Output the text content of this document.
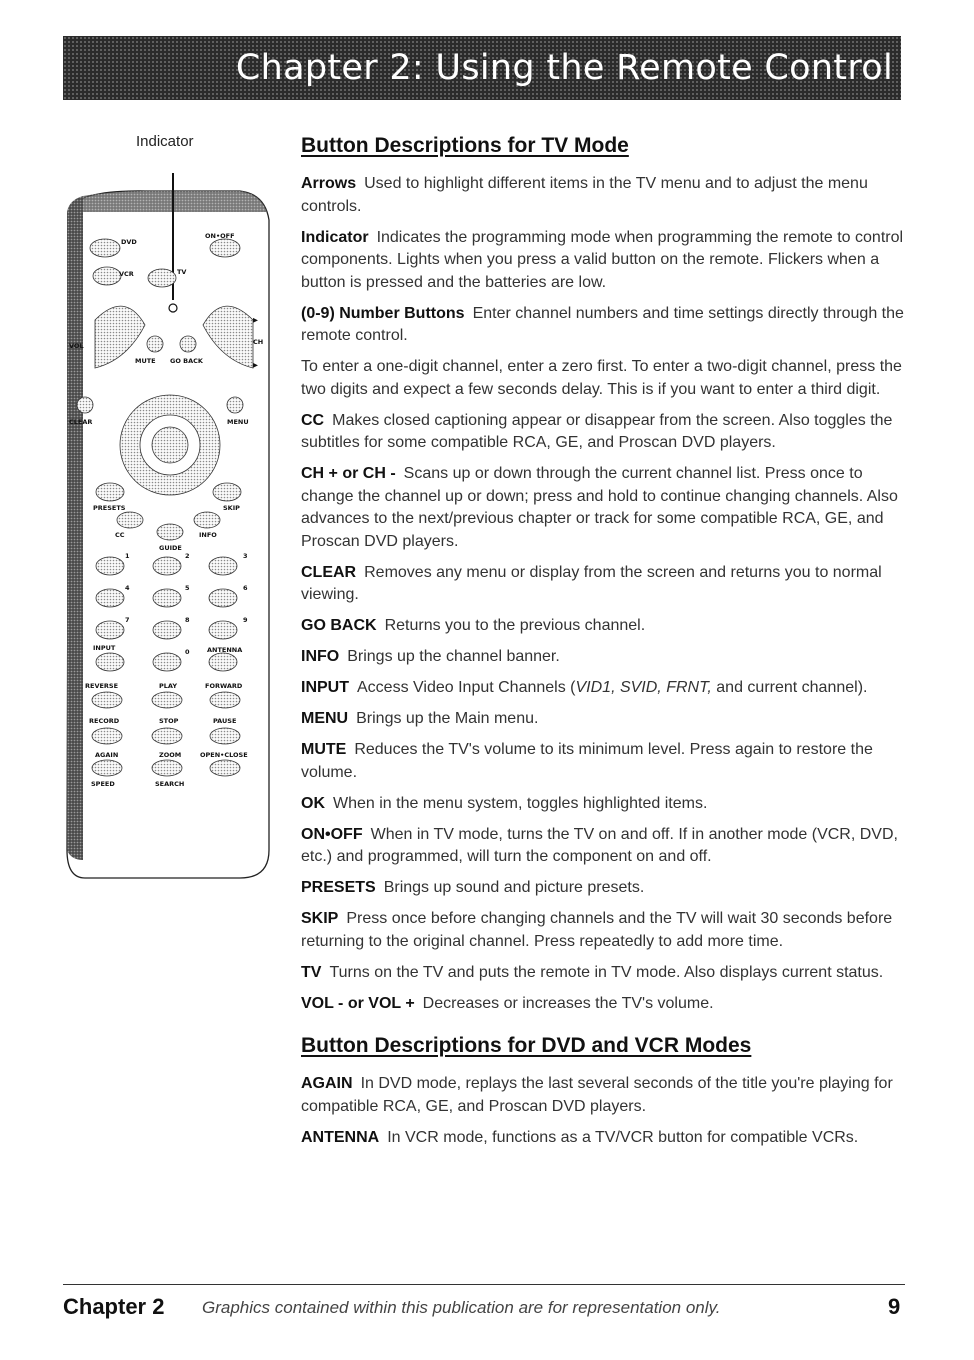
Chapter 2: Using the Remote Control
Indicator
DVD
ON•OFF
VCR	TV
VOL	CH
▶
▶
MUTE GO BACK
CLEAR	MENU
PRESETS	SKIP
CC
GUIDE
INFO
1	2	3
4	5	6
7	8	9
INPUT	0	ANTENNA
REVERSE	PLAY	FORWARD
RECORD	STOP	PAUSE
AGAIN	ZOOM	OPEN•CLOSE
SPEED	SEARCH
Button Descriptions for TV Mode

Arrows Used to highlight different items in the TV menu and to adjust the menu controls.

Indicator Indicates the programming mode when programming the remote to control components. Lights when you press a valid button on the remote. Flickers when a button is pressed and the batteries are low.

(0-9) Number Buttons Enter channel numbers and time settings directly through the remote control.

To enter a one-digit channel, enter a zero first. To enter a two-digit channel, press the two digits and expect a few seconds delay. This is if you want to enter a third digit.

CC Makes closed captioning appear or disappear from the screen. Also toggles the subtitles for some compatible RCA, GE, and Proscan DVD players.

CH + or CH - Scans up or down through the current channel list. Press once to change the channel up or down; press and hold to continue changing channels. Also advances to the next/previous chapter or track for some compatible RCA, GE, and Proscan DVD players.

CLEAR Removes any menu or display from the screen and returns you to normal viewing.

GO BACK Returns you to the previous channel.

INFO Brings up the channel banner.

INPUT Access Video Input Channels (VID1, SVID, FRNT, and current channel).

MENU Brings up the Main menu.

MUTE Reduces the TV's volume to its minimum level. Press again to restore the volume.

OK When in the menu system, toggles highlighted items.

ON•OFF When in TV mode, turns the TV on and off. If in another mode (VCR, DVD, etc.) and programmed, will turn the component on and off.

PRESETS Brings up sound and picture presets.

SKIP Press once before changing channels and the TV will wait 30 seconds before returning to the original channel. Press repeatedly to add more time.

TV Turns on the TV and puts the remote in TV mode. Also displays current status.

VOL - or VOL + Decreases or increases the TV's volume.

Button Descriptions for DVD and VCR Modes

AGAIN In DVD mode, replays the last several seconds of the title you're playing for compatible RCA, GE, and Proscan DVD players.

ANTENNA In VCR mode, functions as a TV/VCR button for compatible VCRs.

Chapter 2 Graphics contained within this publication are for representation only.	9
